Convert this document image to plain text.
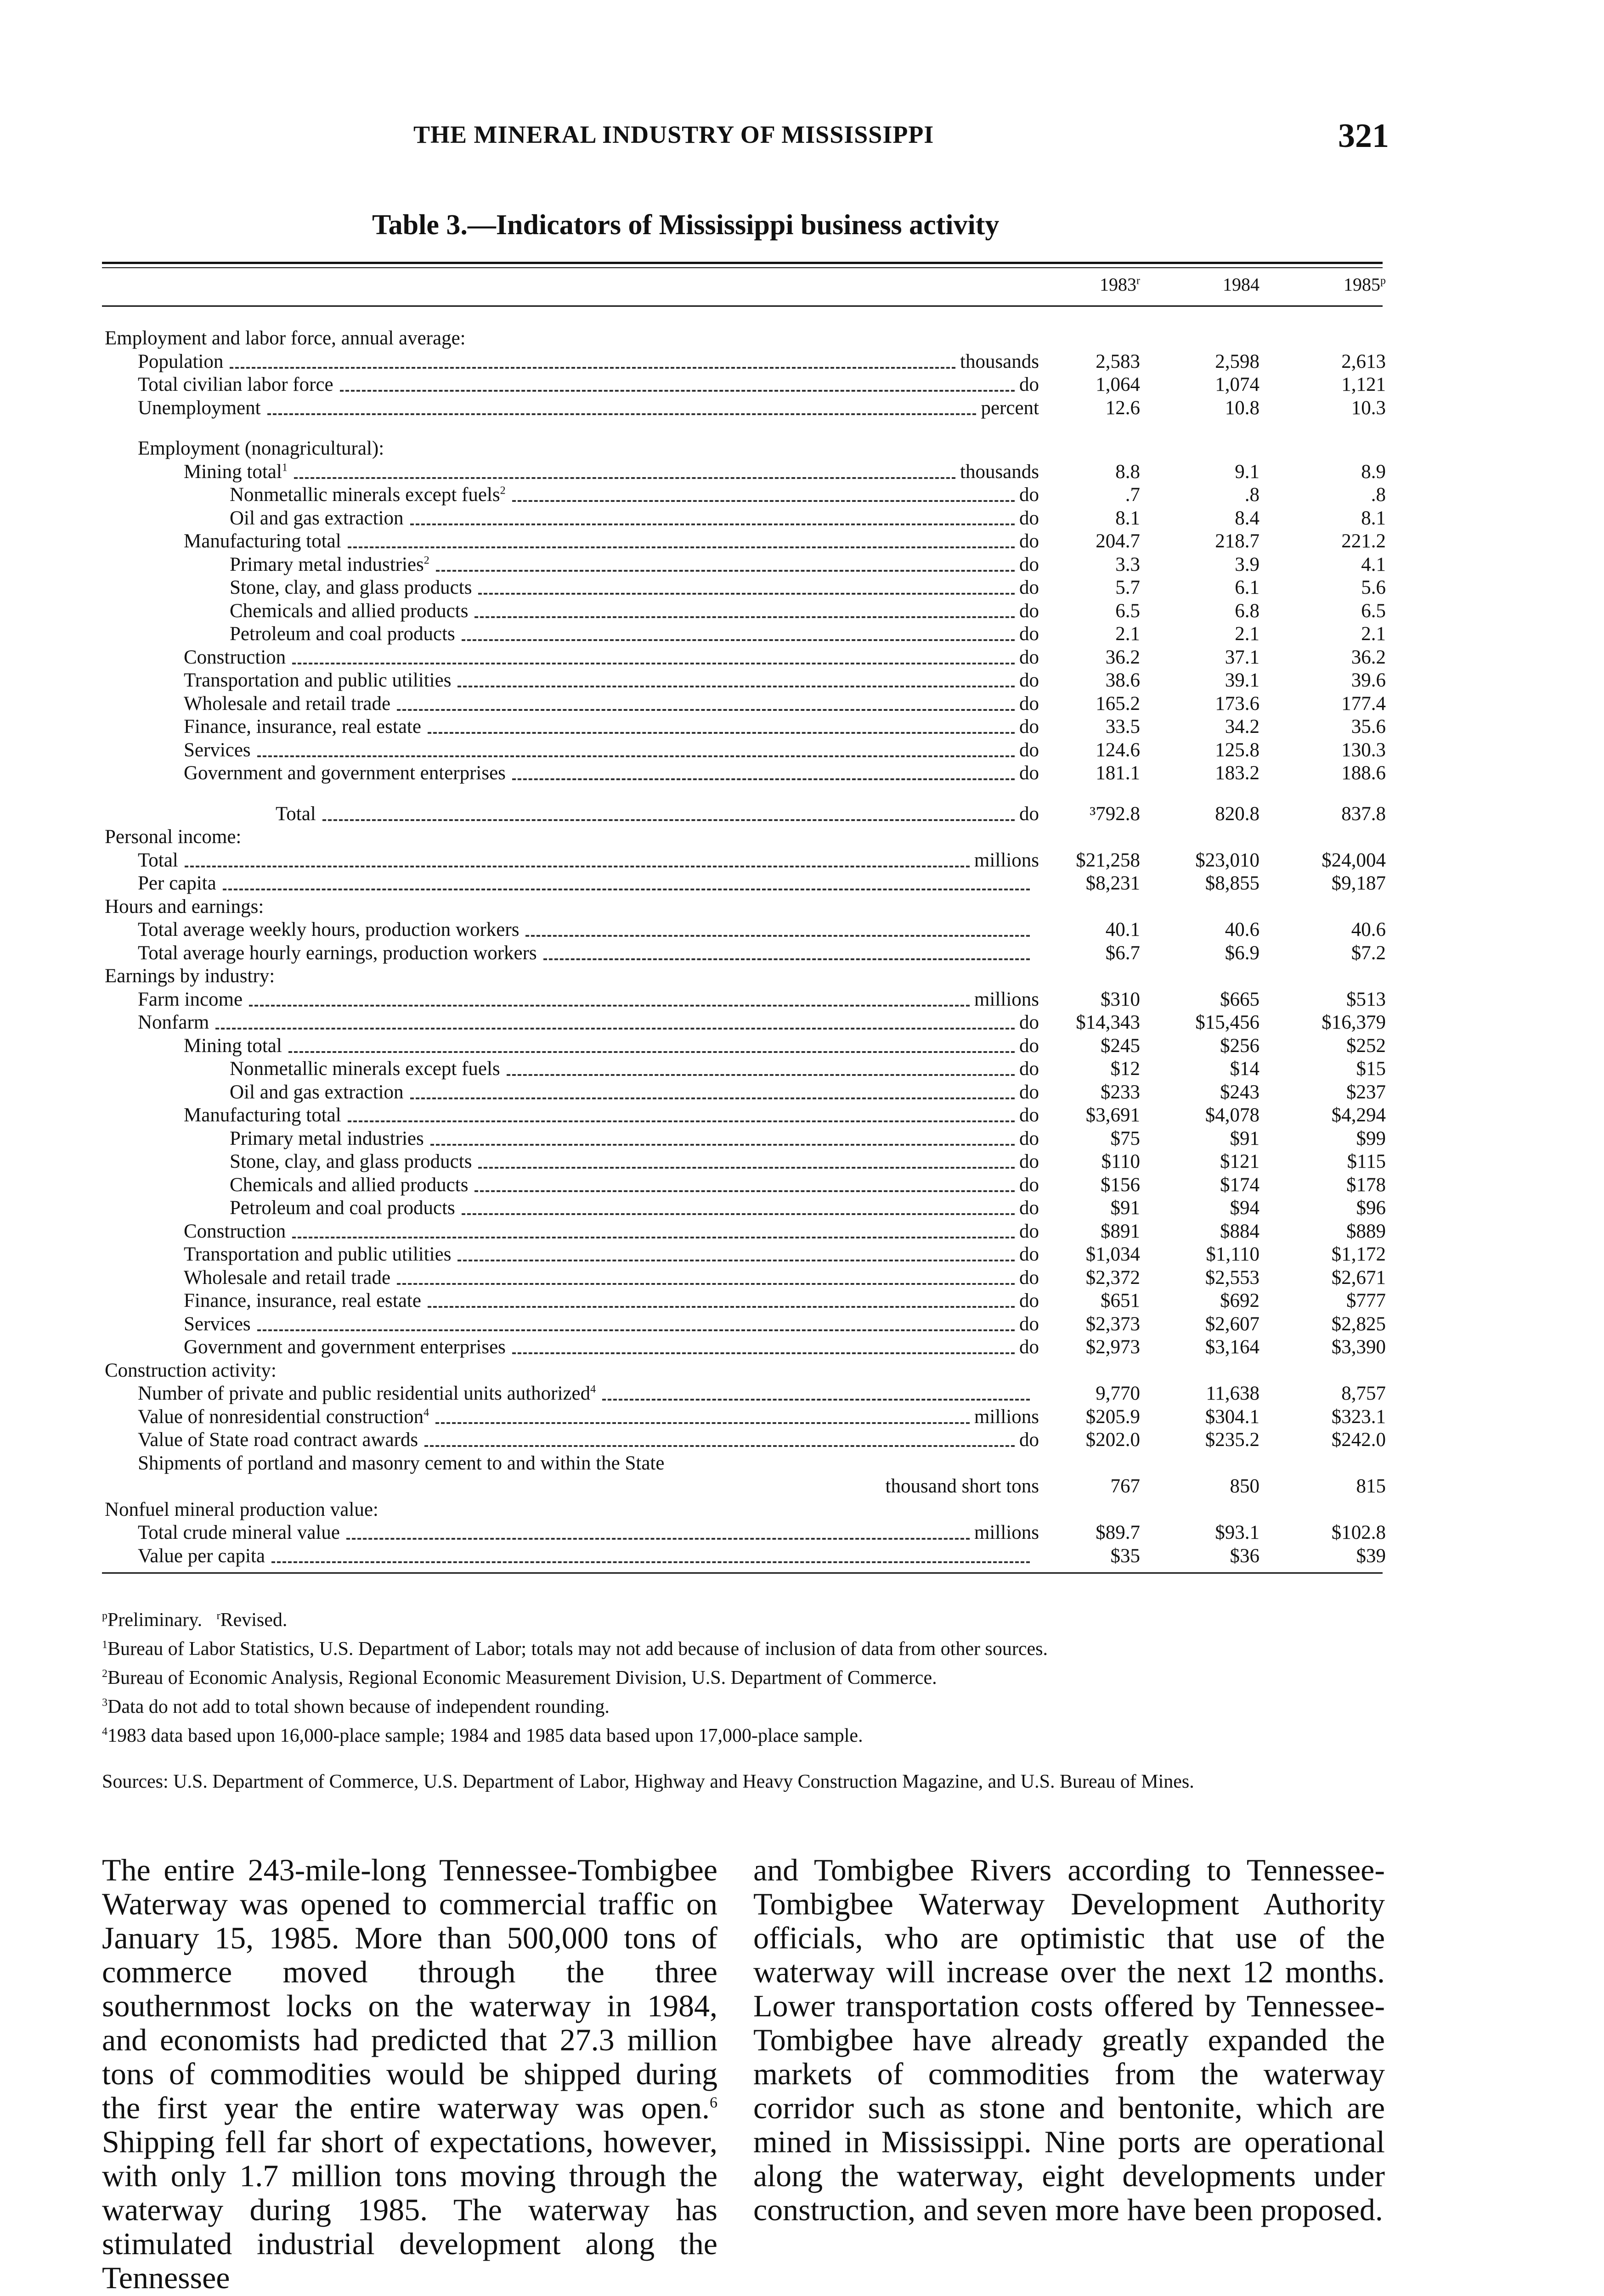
THE MINERAL INDUSTRY OF MISSISSIPPI	321
Table 3.—Indicators of Mississippi business activity
1983$^r$	1984	1985$^p$
Employment and labor force, annual average:
Population	thousands	2,583	2,598	2,613
Total civilian labor force	do	1,064	1,074	1,121
Unemployment	percent	12.6	10.8	10.3
Employment (nonagricultural):
Mining total$^1$	thousands	8.8	9.1	8.9
Nonmetallic minerals except fuels$^2$	do	.7	.8	.8
Oil and gas extraction	do	8.1	8.4	8.1
Manufacturing total	do	204.7	218.7	221.2
Primary metal industries$^2$	do	3.3	3.9	4.1
Stone, clay, and glass products	do	5.7	6.1	5.6
Chemicals and allied products	do	6.5	6.8	6.5
Petroleum and coal products	do	2.1	2.1	2.1
Construction	do	36.2	37.1	36.2
Transportation and public utilities	do	38.6	39.1	39.6
Wholesale and retail trade	do	165.2	173.6	177.4
Finance, insurance, real estate	do	33.5	34.2	35.6
Services	do	124.6	125.8	130.3
Government and government enterprises	do	181.1	183.2	188.6
Total	do	³792.8	820.8	837.8
Personal income:
Total	millions	$21,258	$23,010	$24,004
Per capita	$8,231	$8,855	$9,187
Hours and earnings:
Total average weekly hours, production workers	40.1	40.6	40.6
Total average hourly earnings, production workers	$6.7	$6.9	$7.2
Earnings by industry:
Farm income	millions	$310	$665	$513
Nonfarm	do	$14,343	$15,456	$16,379
Mining total	do	$245	$256	$252
Nonmetallic minerals except fuels	do	$12	$14	$15
Oil and gas extraction	do	$233	$243	$237
Manufacturing total	do	$3,691	$4,078	$4,294
Primary metal industries	do	$75	$91	$99
Stone, clay, and glass products	do	$110	$121	$115
Chemicals and allied products	do	$156	$174	$178
Petroleum and coal products	do	$91	$94	$96
Construction	do	$891	$884	$889
Transportation and public utilities	do	$1,034	$1,110	$1,172
Wholesale and retail trade	do	$2,372	$2,553	$2,671
Finance, insurance, real estate	do	$651	$692	$777
Services	do	$2,373	$2,607	$2,825
Government and government enterprises	do	$2,973	$3,164	$3,390
Construction activity:
Number of private and public residential units authorized$^4$	9,770	11,638	8,757
Value of nonresidential construction$^4$	millions	$205.9	$304.1	$323.1
Value of State road contract awards	do	$202.0	$235.2	$242.0
Shipments of portland and masonry cement to and within the State
thousand short tons	767	850	815
Nonfuel mineral production value:
Total crude mineral value	millions	$89.7	$93.1	$102.8
Value per capita	$35	$36	$39
$^p$Preliminary. $^r$Revised.
$^1$Bureau of Labor Statistics, U.S. Department of Labor; totals may not add because of inclusion of data from other sources.
$^2$Bureau of Economic Analysis, Regional Economic Measurement Division, U.S. Department of Commerce.
$^3$Data do not add to total shown because of independent rounding.
$^4$1983 data based upon 16,000-place sample; 1984 and 1985 data based upon 17,000-place sample.
Sources: U.S. Department of Commerce, U.S. Department of Labor, Highway and Heavy Construction Magazine, and U.S. Bureau of Mines.
The entire 243-mile-long Tennessee-Tombigbee Waterway was opened to commercial traffic on January 15, 1985. More than 500,000 tons of commerce moved through the three southernmost locks on the waterway in 1984, and economists had predicted that 27.3 million tons of commodities would be shipped during the first year the entire waterway was open.$^6$ Shipping fell far short of expectations, however, with only 1.7 million tons moving through the waterway during 1985. The waterway has stimulated industrial development along the Tennessee
and Tombigbee Rivers according to Tennessee-Tombigbee Waterway Development Authority officials, who are optimistic that use of the waterway will increase over the next 12 months. Lower transportation costs offered by Tennessee-Tombigbee have already greatly expanded the markets of commodities from the waterway corridor such as stone and bentonite, which are mined in Mississippi. Nine ports are operational along the waterway, eight developments under construction, and seven more have been proposed.
